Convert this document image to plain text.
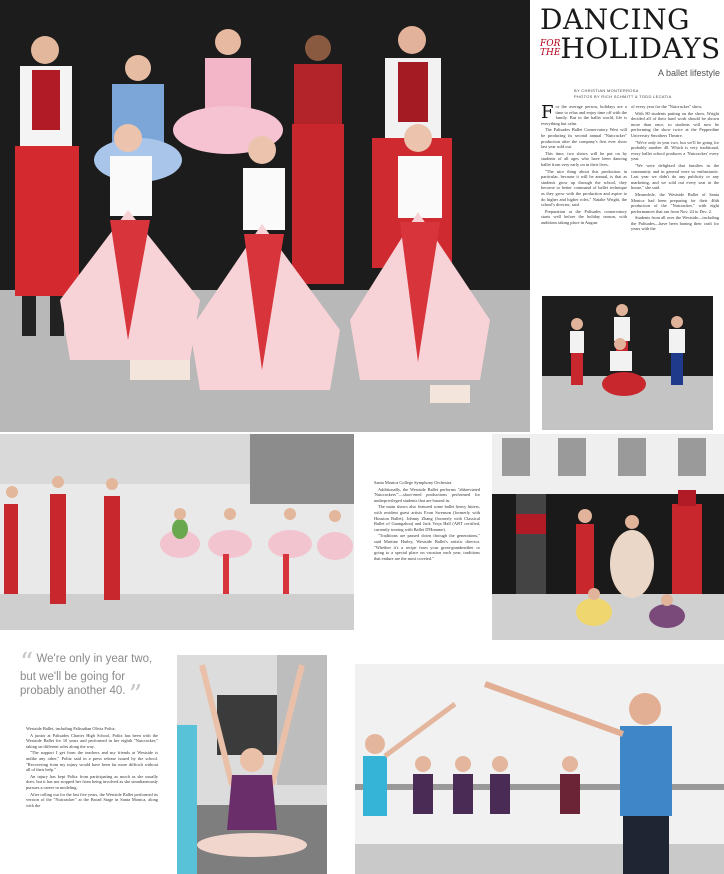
DANCING
FOR THE HOLIDAYS
A ballet lifestyle
BY CHRISTIAN MONTERROSA
PHOTOS BY RICH SCHMITT & TODD LECATIA
F or the average person, holidays are a time to relax and enjoy time off with the family. But in the ballet world, life is everything but calm.

The Palisades Ballet Conservatory West will be producing its second annual "Nutcracker" production after the company's first ever show last year sold out.

This time, two shows will be put on by students of all ages who have been dancing ballet from very early on in their lives.

"The nice thing about this production in particular, because it will be annual, is that as students grow up through the school, they become to better command of ballet technique as they grow with the production and aspire to do higher and higher roles," Natalie Wright, the school's director, said.

Preparation at the Palisades conservatory starts well before the holiday season, with auditions taking place in August

of every year for the "Nutcracker" show.

With 80 students putting on the show, Wright decided all of their hard work should be shown more than once, so students will now be performing the show twice at the Pepperdine University Smothers Theatre.

"We're only in year two, but we'll be going for probably another 40. Which is very traditional, every ballet school produces a 'Nutcracker' every year.

"We were delighted that families in the community and in general were so enthusiastic. Last year we didn't do any publicity or any marketing, and we sold out every seat in the house," she said.

Meanwhile, the Westside Ballet of Santa Monica had been preparing for their 46th production of the "Nutcracker," with eight performances that ran from Nov. 24 to Dec. 2.

Students from all over the Westside—including the Palisades—have been honing their craft for years with the

Santa Monica College Symphony Orchestra.

Additionally, the Westside Ballet performs "abbreviated 'Nutcrackers'"—short-ened productions performed for underprivileged students that are bussed in.

The main shows also featured some ballet heavy hitters, with resident guest artists Evan Swenson (formerly with Houston Ballet), Johnny Zhang (formerly with Classical Ballet of Guangzhou) and Jack Verja Hall (ABT certified, currently touring with Ballet D'Homme).

"Traditions are passed down through the generations," said Martine Harley, Westside Ballet's artistic director. "Whether it's a recipe from your great-grandmother or going to a special place on vacation each year, traditions that endure are the most coveted."

Westside Ballet, including Palisadian Olivia Politz.

A junior at Palisades Charter High School, Politz has been with the Westside Ballet for 10 years and performed in her eighth "Nutcracker," taking on different roles along the way.

"The support I get from the teachers and my friends at Westside is unlike any other," Politz said in a press release issued by the school. "Recovering from my injury would have been far more difficult without all of their help."

An injury has kept Politz from participating as much as she usually does, but it has not stopped her from being involved as she simultaneously pursues a career in modeling.

After rolling out for the last five years, the Westside Ballet performed its version of the "Nutcracker" at the Broad Stage in Santa Monica, along with the

“ We're only in year two, but we'll be going for probably another 40. ”
